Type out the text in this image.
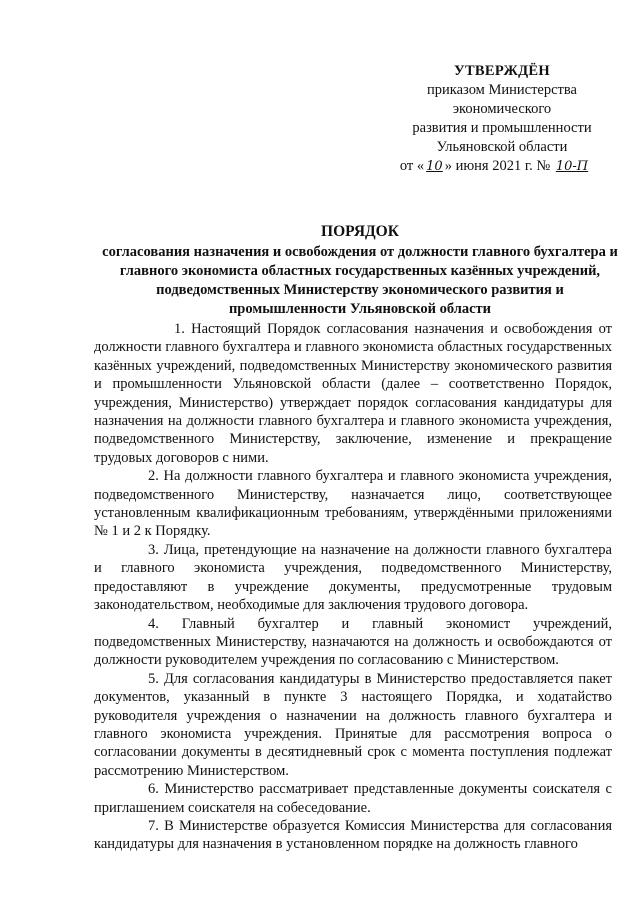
УТВЕРЖДЁН
приказом Министерства
экономического
развития и промышленности
Ульяновской области
от « 10 » июня 2021 г. № 10-П
ПОРЯДОК
согласования назначения и освобождения от должности главного бухгалтера и главного экономиста областных государственных казённых учреждений, подведомственных Министерству экономического развития и промышленности Ульяновской области

1. Настоящий Порядок согласования назначения и освобождения от должности главного бухгалтера и главного экономиста областных государственных казённых учреждений, подведомственных Министерству экономического развития и промышленности Ульяновской области (далее – соответственно Порядок, учреждения, Министерство) утверждает порядок согласования кандидатуры для назначения на должности главного бухгалтера и главного экономиста учреждения, подведомственного Министерству, заключение, изменение и прекращение трудовых договоров с ними.

2. На должности главного бухгалтера и главного экономиста учреждения, подведомственного Министерству, назначается лицо, соответствующее установленным квалификационным требованиям, утверждёнными приложениями № 1 и 2 к Порядку.

3. Лица, претендующие на назначение на должности главного бухгалтера и главного экономиста учреждения, подведомственного Министерству, предоставляют в учреждение документы, предусмотренные трудовым законодательством, необходимые для заключения трудового договора.

4. Главный бухгалтер и главный экономист учреждений, подведомственных Министерству, назначаются на должность и освобождаются от должности руководителем учреждения по согласованию с Министерством.

5. Для согласования кандидатуры в Министерство предоставляется пакет документов, указанный в пункте 3 настоящего Порядка, и ходатайство руководителя учреждения о назначении на должность главного бухгалтера и главного экономиста учреждения. Принятые для рассмотрения вопроса о согласовании документы в десятидневный срок с момента поступления подлежат рассмотрению Министерством.

6. Министерство рассматривает представленные документы соискателя с приглашением соискателя на собеседование.

7. В Министерстве образуется Комиссия Министерства для согласования кандидатуры для назначения в установленном порядке на должность главного
